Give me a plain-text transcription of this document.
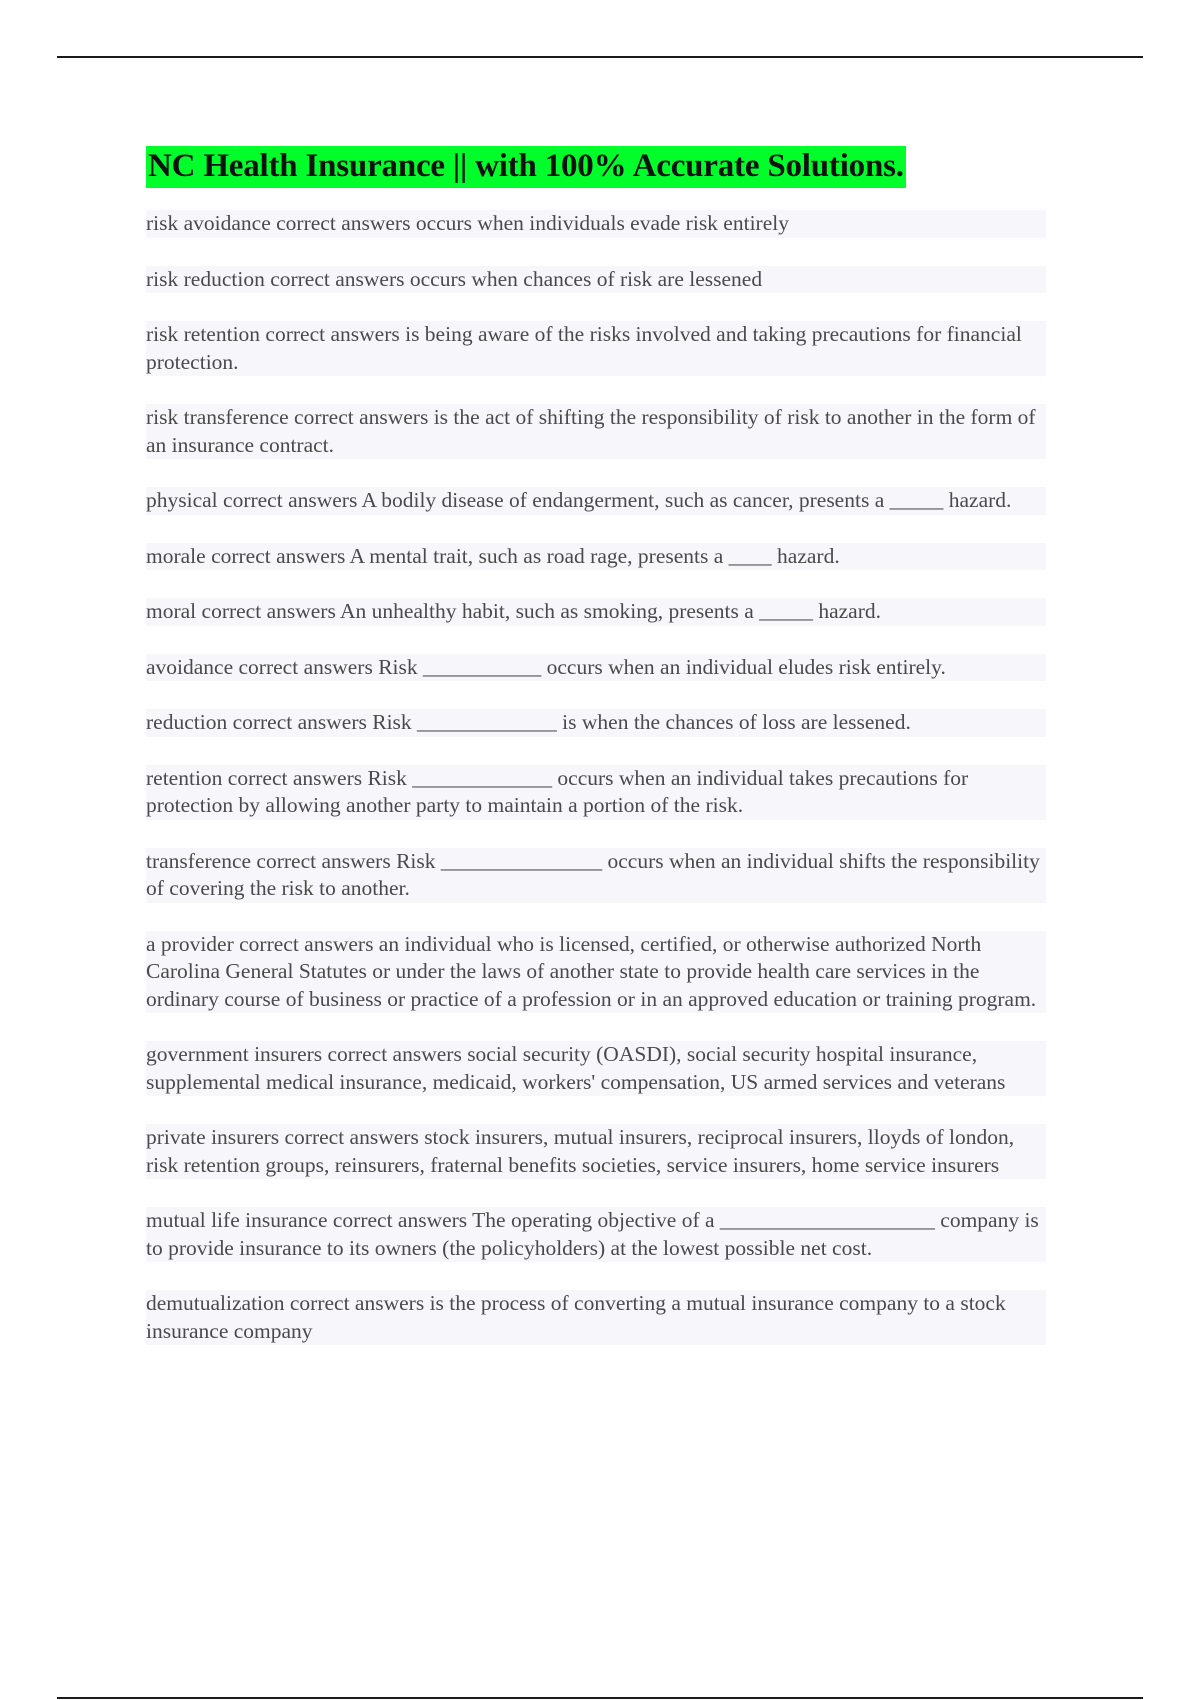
NC Health Insurance || with 100% Accurate Solutions.

risk avoidance correct answers occurs when individuals evade risk entirely

risk reduction correct answers occurs when chances of risk are lessened

risk retention correct answers is being aware of the risks involved and taking precautions for financial protection.

risk transference correct answers is the act of shifting the responsibility of risk to another in the form of an insurance contract.

physical correct answers A bodily disease of endangerment, such as cancer, presents a _____ hazard.

morale correct answers A mental trait, such as road rage, presents a ____ hazard.

moral correct answers An unhealthy habit, such as smoking, presents a _____ hazard.

avoidance correct answers Risk ___________ occurs when an individual eludes risk entirely.

reduction correct answers Risk _____________ is when the chances of loss are lessened.

retention correct answers Risk _____________ occurs when an individual takes precautions for protection by allowing another party to maintain a portion of the risk.

transference correct answers Risk _______________ occurs when an individual shifts the responsibility of covering the risk to another.

a provider correct answers an individual who is licensed, certified, or otherwise authorized North Carolina General Statutes or under the laws of another state to provide health care services in the ordinary course of business or practice of a profession or in an approved education or training program.

government insurers correct answers social security (OASDI), social security hospital insurance, supplemental medical insurance, medicaid, workers' compensation, US armed services and veterans

private insurers correct answers stock insurers, mutual insurers, reciprocal insurers, lloyds of london, risk retention groups, reinsurers, fraternal benefits societies, service insurers, home service insurers

mutual life insurance correct answers The operating objective of a ____________________ company is to provide insurance to its owners (the policyholders) at the lowest possible net cost.

demutualization correct answers is the process of converting a mutual insurance company to a stock insurance company
